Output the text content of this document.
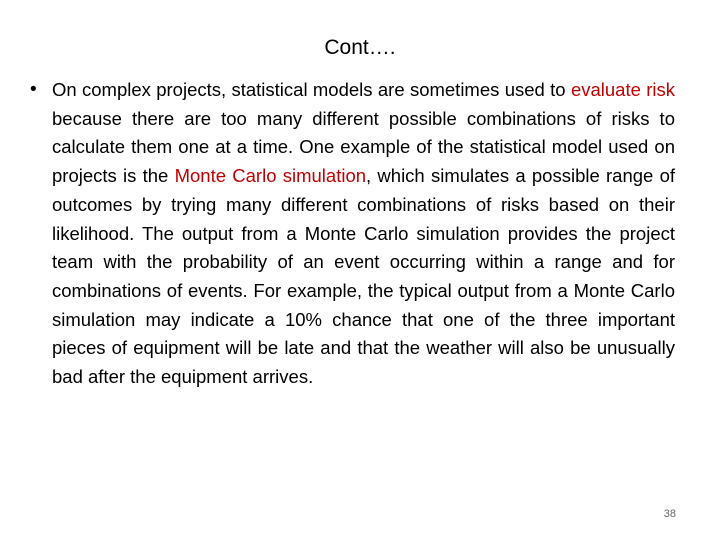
Cont….
• On complex projects, statistical models are sometimes used to evaluate risk because there are too many different possible combinations of risks to calculate them one at a time. One example of the statistical model used on projects is the Monte Carlo simulation, which simulates a possible range of outcomes by trying many different combinations of risks based on their likelihood. The output from a Monte Carlo simulation provides the project team with the probability of an event occurring within a range and for combinations of events. For example, the typical output from a Monte Carlo simulation may indicate a 10% chance that one of the three important pieces of equipment will be late and that the weather will also be unusually bad after the equipment arrives.
38
